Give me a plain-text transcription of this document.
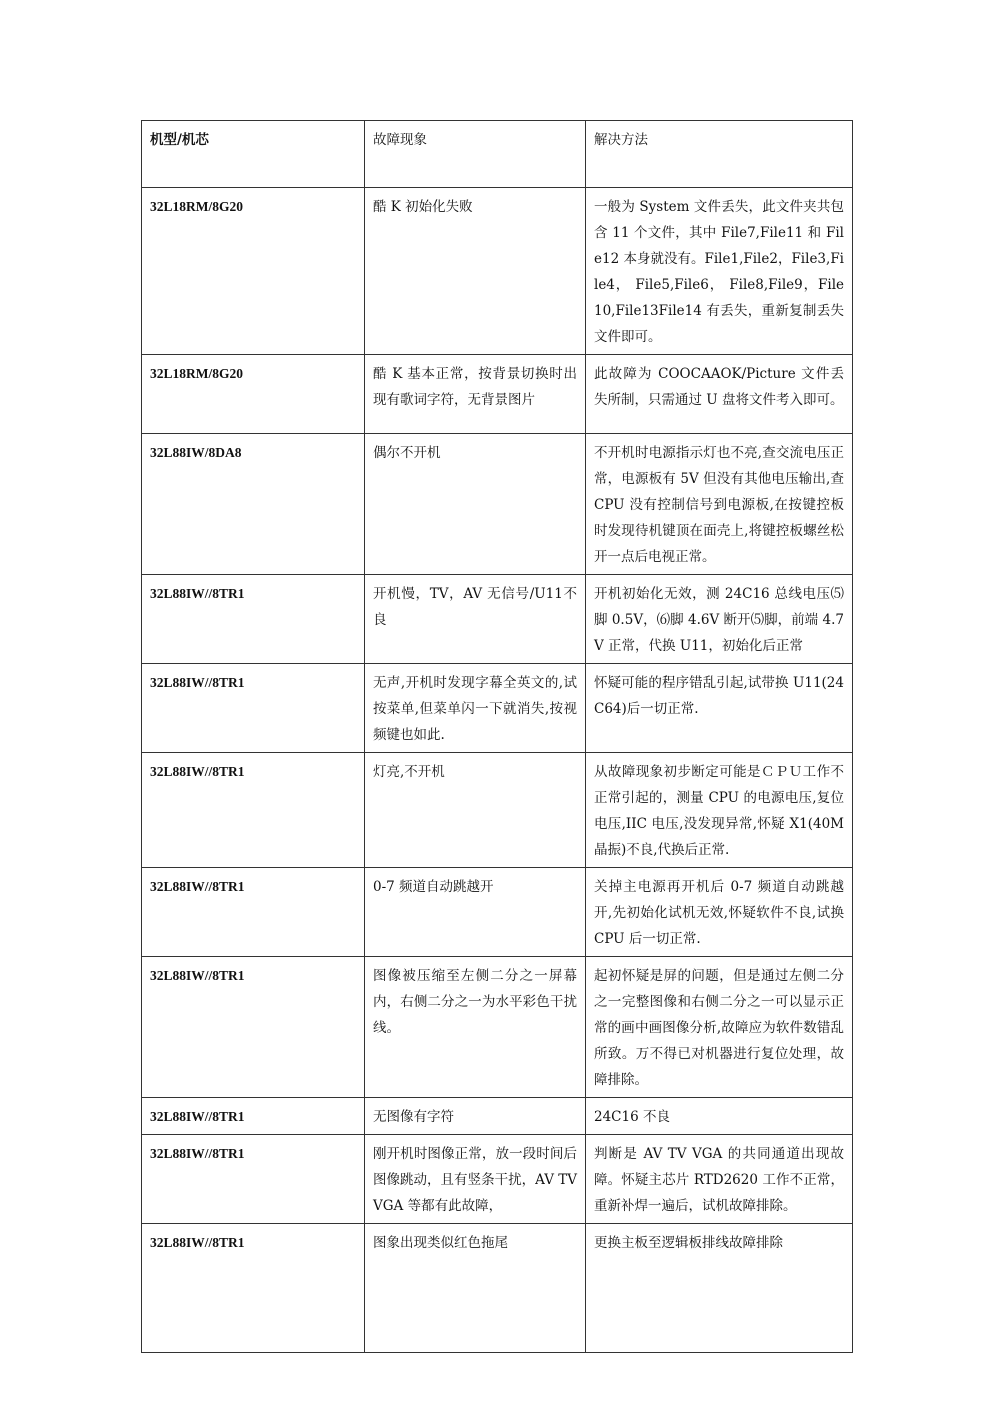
机型/机芯	故障现象	解决方法
32L18RM/8G20	酷 K 初始化失败	一般为 System 文件丢失，此文件夹共包含 11 个文件，其中 File7,File11 和 File12 本身就没有。File1,File2，File3,File4， File5,File6， File8,File9，File10,File13File14 有丢失，重新复制丢失文件即可。
32L18RM/8G20	酷 K 基本正常，按背景切换时出现有歌词字符，无背景图片	此故障为 COOCAAOK/Picture 文件丢失所制，只需通过 U 盘将文件考入即可。
32L88IW/8DA8	偶尔不开机	不开机时电源指示灯也不亮,查交流电压正常，电源板有 5V 但没有其他电压输出,查 CPU 没有控制信号到电源板,在按键控板时发现待机键顶在面壳上,将键控板螺丝松开一点后电视正常。
32L88IW//8TR1	开机慢，TV，AV 无信号/U11不良	开机初始化无效，测 24C16 总线电压⑸脚 0.5V，⑹脚 4.6V 断开⑸脚，前端 4.7V 正常，代换 U11，初始化后正常
32L88IW//8TR1	无声,开机时发现字幕全英文的,试按菜单,但菜单闪一下就消失,按视频键也如此.	怀疑可能的程序错乱引起,试带换 U11(24C64)后一切正常.
32L88IW//8TR1	灯亮,不开机	从故障现象初步断定可能是ＣＰＵ工作不正常引起的，测量 CPU 的电源电压,复位电压,IIC 电压,没发现异常,怀疑 X1(40M 晶振)不良,代换后正常.
32L88IW//8TR1	0-7 频道自动跳越开	关掉主电源再开机后 0-7 频道自动跳越开,先初始化试机无效,怀疑软件不良,试换 CPU 后一切正常.
32L88IW//8TR1	图像被压缩至左侧二分之一屏幕内，右侧二分之一为水平彩色干扰线。	起初怀疑是屏的问题，但是通过左侧二分之一完整图像和右侧二分之一可以显示正常的画中画图像分析,故障应为软件数错乱所致。万不得已对机器进行复位处理，故障排除。
32L88IW//8TR1	无图像有字符	24C16 不良
32L88IW//8TR1	刚开机时图像正常，放一段时间后图像跳动，且有竖条干扰，AV TV VGA 等都有此故障，	判断是 AV TV VGA 的共同通道出现故障。怀疑主芯片 RTD2620 工作不正常，重新补焊一遍后，试机故障排除。
32L88IW//8TR1	图象出现类似红色拖尾	更换主板至逻辑板排线故障排除
